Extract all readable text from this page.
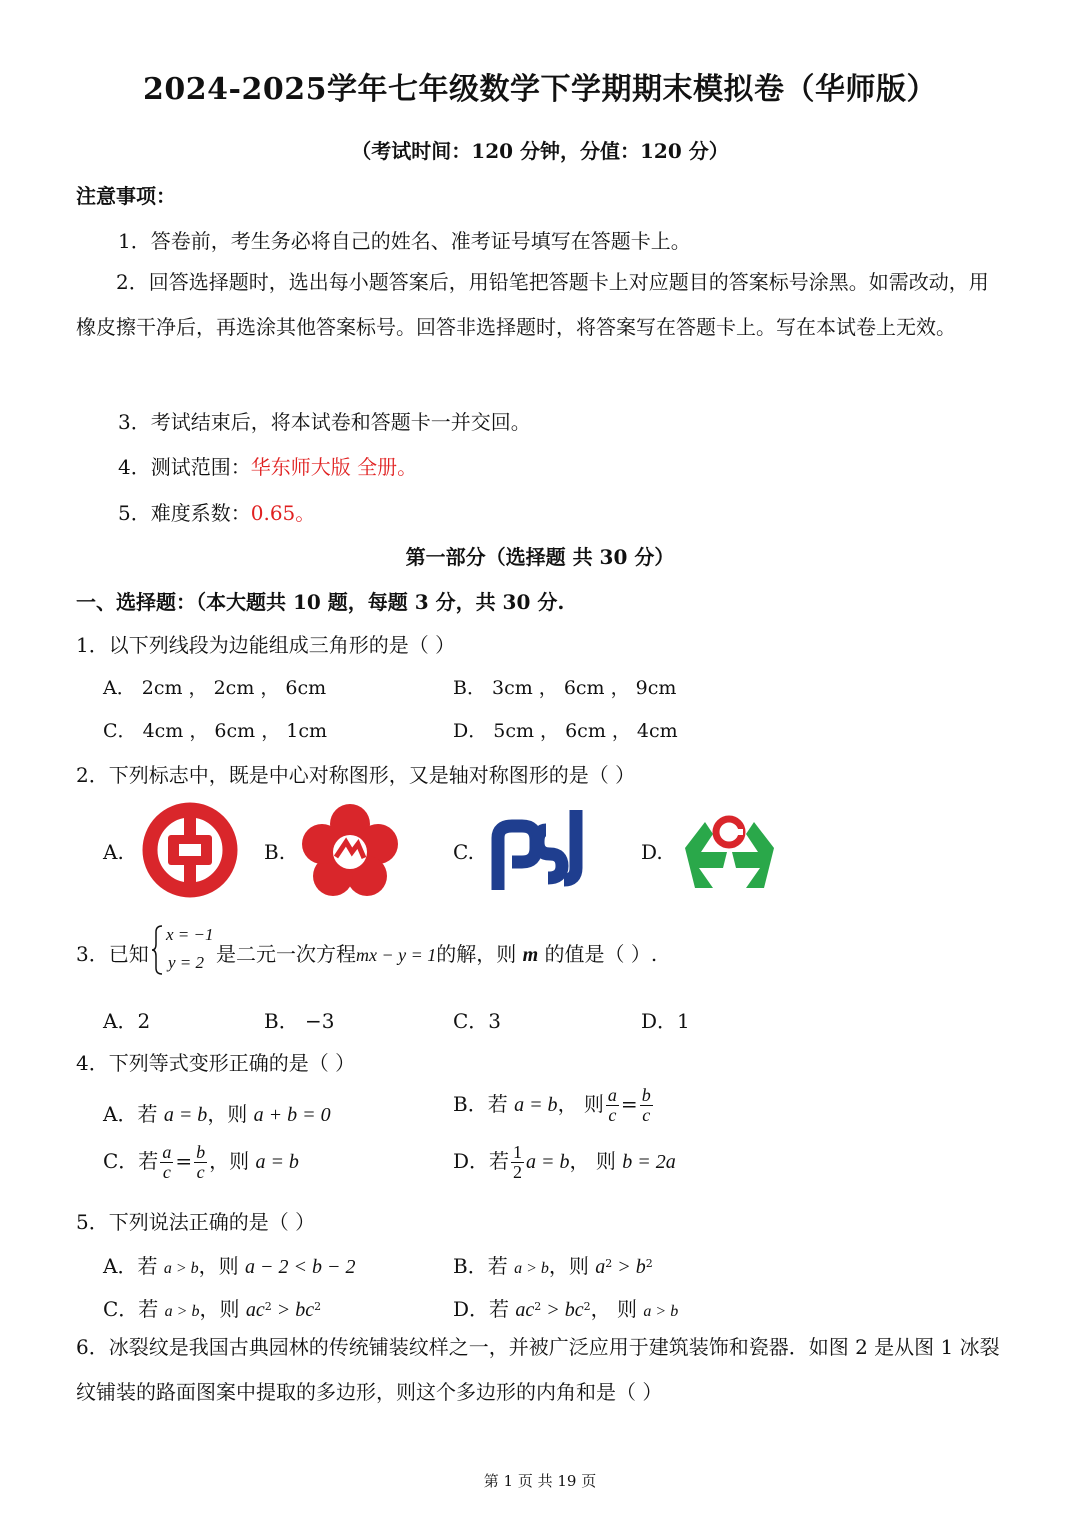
2024-2025学年七年级数学下学期期末模拟卷（华师版）
（考试时间：120 分钟，分值：120 分）
注意事项：
1．答卷前，考生务必将自己的姓名、准考证号填写在答题卡上。
2．回答选择题时，选出每小题答案后，用铅笔把答题卡上对应题目的答案标号涂黑。如需改动，用橡皮擦干净后，再选涂其他答案标号。回答非选择题时，将答案写在答题卡上。写在本试卷上无效。
3．考试结束后，将本试卷和答题卡一并交回。
4．测试范围：华东师大版 全册。
5．难度系数：0.65。
第一部分（选择题 共 30 分）
一、选择题：（本大题共 10 题，每题 3 分，共 30 分.
1．以下列线段为边能组成三角形的是（ ）
A． 2cm ， 2cm ， 6cm	B． 3cm ， 6cm ， 9cm
C． 4cm ， 6cm ， 1cm	D． 5cm ， 6cm ， 4cm
2．下列标志中，既是中心对称图形，又是轴对称图形的是（ ）
A.	B.	C.	D.
3．已知
x = −1
y = 2 是二元一次方程mx − y = 1的解，则 m 的值是（ ）.
A．2	B． −3	C．3	D．1
4．下列等式变形正确的是（ ）
A．若 a = b，则 a + b = 0	B．若 a = b， 则 $\frac{a}{c} = \frac{b}{c}$
C．若 $\frac{a}{c} = \frac{b}{c}$ ，则 a = b	D．若 $\frac{1}{2}$ a = b， 则 b = 2a
5．下列说法正确的是（ ）
A．若 a > b，则 a − 2 < b − 2	B．若 a > b，则 $a^2 > b^2$
C．若 a > b，则 $ac^2 > bc^2$	D．若 $ac^2 > bc^2$， 则 a > b
6．冰裂纹是我国古典园林的传统铺装纹样之一，并被广泛应用于建筑装饰和瓷器．如图 2 是从图 1 冰裂纹铺装的路面图案中提取的多边形，则这个多边形的内角和是（ ）
第 1 页 共 19 页
